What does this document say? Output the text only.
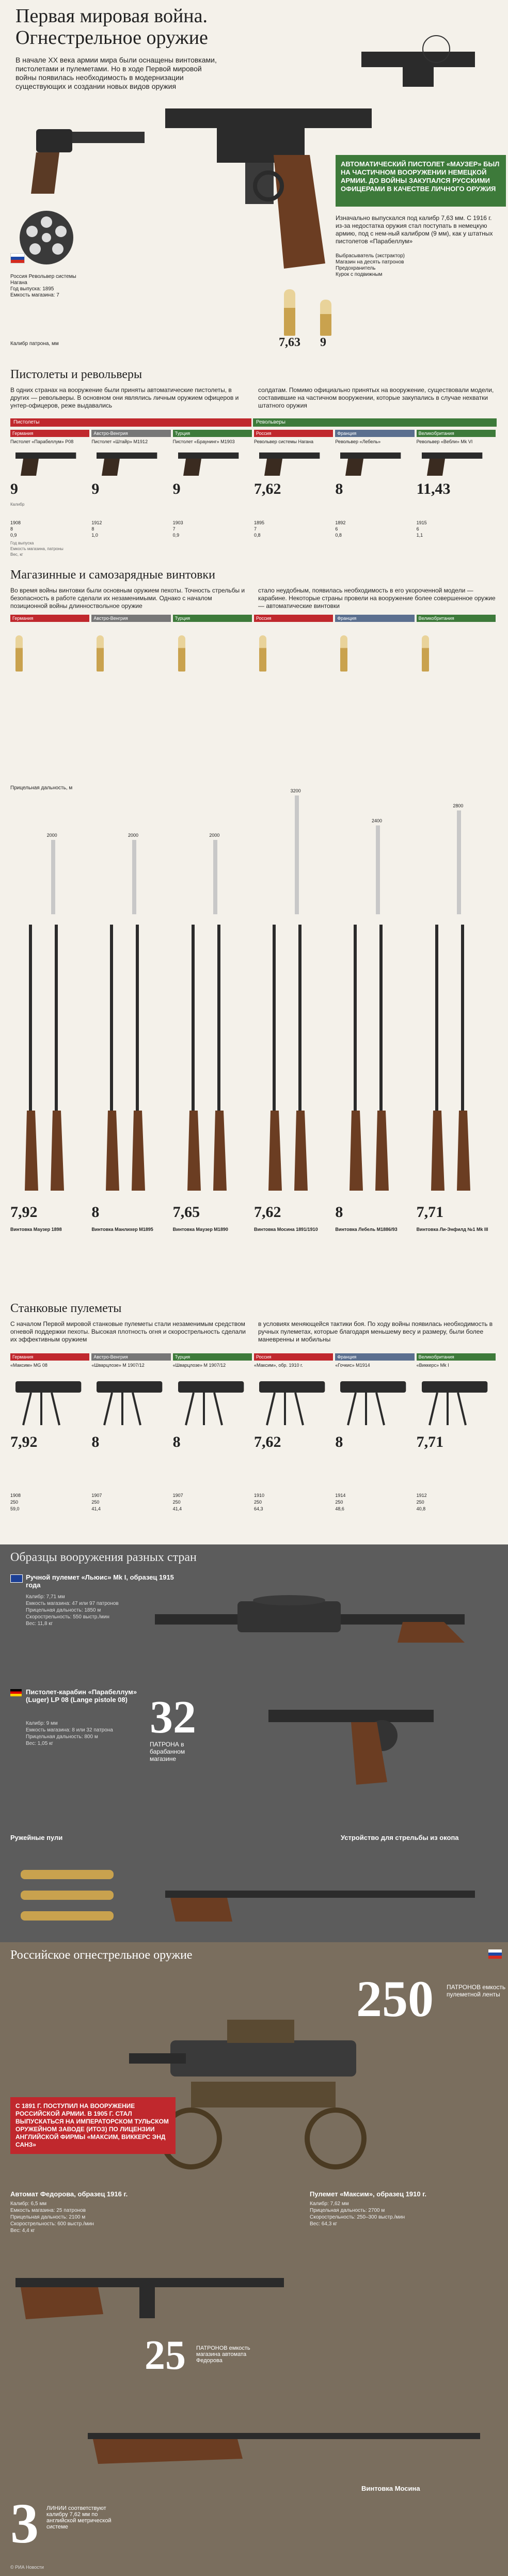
Первая мировая война.
Огнестрельное оружие
В начале XX века армии мира были оснащены винтовками, пистолетами и пулеметами. Но в ходе Первой мировой войны появилась необходимость в модернизации существующих и создании новых видов оружия
Россия Револьвер системы Нагана
Год выпуска: 1895
Емкость магазина: 7
АВТОМАТИЧЕСКИЙ ПИСТОЛЕТ «МАУЗЕР» БЫЛ НА ЧАСТИЧНОМ ВООРУЖЕНИИ НЕМЕЦКОЙ АРМИИ. ДО ВОЙНЫ ЗАКУПАЛСЯ РУССКИМИ ОФИЦЕРАМИ В КАЧЕСТВЕ ЛИЧНОГО ОРУЖИЯ
Изначально выпускался под калибр 7,63 мм. С 1916 г. из-за недостатка оружия стал поступать в немецкую армию, под с нем-ный калибром (9 мм), как у штатных пистолетов «Парабеллум»
Выбрасыватель (экстрактор)
Магазин на десять патронов
Предохранитель
Курок с подвижным
7,63 9
Калибр патрона, мм
Пистолеты и револьверы
В одних странах на вооружение были приняты автоматические пистолеты, в других — револьверы. В основном они являлись личным оружием офицеров и унтер-офицеров, реже выдавались
солдатам. Помимо официально принятых на вооружение, существовали модели, составившие на частичном вооружении, которые закупались в случае нехватки штатного оружия
Пистолеты	Револьверы
Германия
Пистолет «Парабеллум» P08
9
1908
8
0,9
Австро-Венгрия
Пистолет «Штайр» M1912
9
1912
8
1,0
Турция
Пистолет «Браунинг» M1903
9
1903
7
0,9
Россия
Револьвер системы Нагана
7,62
1895
7
0,8
Франция
Револьвер «Лебель»
8
1892
6
0,8
Великобритания
Револьвер «Вебли» Mk VI
11,43
1915
6
1,1
Год выпуска
Емкость магазина, патроны
Вес, кг
Калибр
Магазинные и самозарядные винтовки
Во время войны винтовки были основным оружием пехоты. Точность стрельбы и безопасность в работе сделали их незаменимыми. Однако с началом позиционной войны длинноствольное оружие
стало неудобным, появилась необходимость в его укороченной модели — карабине. Некоторые страны провели на вооружение более совершенное оружие — автоматические винтовки
Прицельная дальность, м
Германия
2000
7,92
Винтовка Маузер 1898
Австро-Венгрия
2000
8
Винтовка Манлихер M1895
Турция
2000
7,65
Винтовка Маузер M1890
Россия
3200
7,62
Винтовка Мосина 1891/1910
Франция
2400
8
Винтовка Лебель M1886/93
Великобритания
2800
7,71
Винтовка Ли-Энфилд №1 Mk III
Станковые пулеметы
С началом Первой мировой станковые пулеметы стали незаменимым средством огневой поддержки пехоты. Высокая плотность огня и скорострельность сделали их эффективным оружием
в условиях меняющейся тактики боя. По ходу войны появилась необходимость в ручных пулеметах, которые благодаря меньшему весу и размеру, были более маневренны и мобильны
Германия
«Максим» MG 08
7,92
1908
250
59,0
Австро-Венгрия
«Шварцлозе» M 1907/12
8
1907
250
41,4
Турция
«Шварцлозе» M 1907/12
8
1907
250
41,4
Россия
«Максим», обр. 1910 г.
7,62
1910
250
64,3
Франция
«Гочкис» M1914
8
1914
250
48,6
Великобритания
«Виккерс» Mk I
7,71
1912
250
40,8
Образцы вооружения разных стран
Ручной пулемет «Льюис» Mk I, образец 1915 года
Калибр: 7,71 мм
Емкость магазина: 47 или 97 патронов
Прицельная дальность: 1850 м
Скорострельность: 550 выстр./мин
Вес: 11,8 кг
Пистолет-карабин «Парабеллум» (Luger) LP 08 (Lange pistole 08)
Калибр: 9 мм
Емкость магазина: 8 или 32 патрона
Прицельная дальность: 800 м
Вес: 1,05 кг
32
ПАТРОНА в барабанном магазине
Ружейные пули	Устройство для стрельбы из окопа
Российское огнестрельное оружие
250 ПАТРОНОВ емкость пулеметной ленты
С 1891 Г. ПОСТУПИЛ НА ВООРУЖЕНИЕ РОССИЙСКОЙ АРМИИ. В 1905 Г. СТАЛ ВЫПУСКАТЬСЯ НА ИМПЕРАТОРСКОМ ТУЛЬСКОМ ОРУЖЕЙНОМ ЗАВОДЕ (ИТОЗ) ПО ЛИЦЕНЗИИ АНГЛИЙСКОЙ ФИРМЫ «МАКСИМ, ВИККЕРС ЭНД САНЗ»
Автомат Федорова, образец 1916 г.
Калибр: 6,5 мм
Емкость магазина: 25 патронов
Прицельная дальность: 2100 м
Скорострельность: 600 выстр./мин
Вес: 4,4 кг
Пулемет «Максим», образец 1910 г.
Калибр: 7,62 мм
Прицельная дальность: 2700 м
Скорострельность: 250–300 выстр./мин
Вес: 64,3 кг
25 ПАТРОНОВ емкость магазина автомата Федорова
Винтовка Мосина
3 ЛИНИИ соответствуют калибру 7,62 мм по английской метрической системе
© РИА Новости
